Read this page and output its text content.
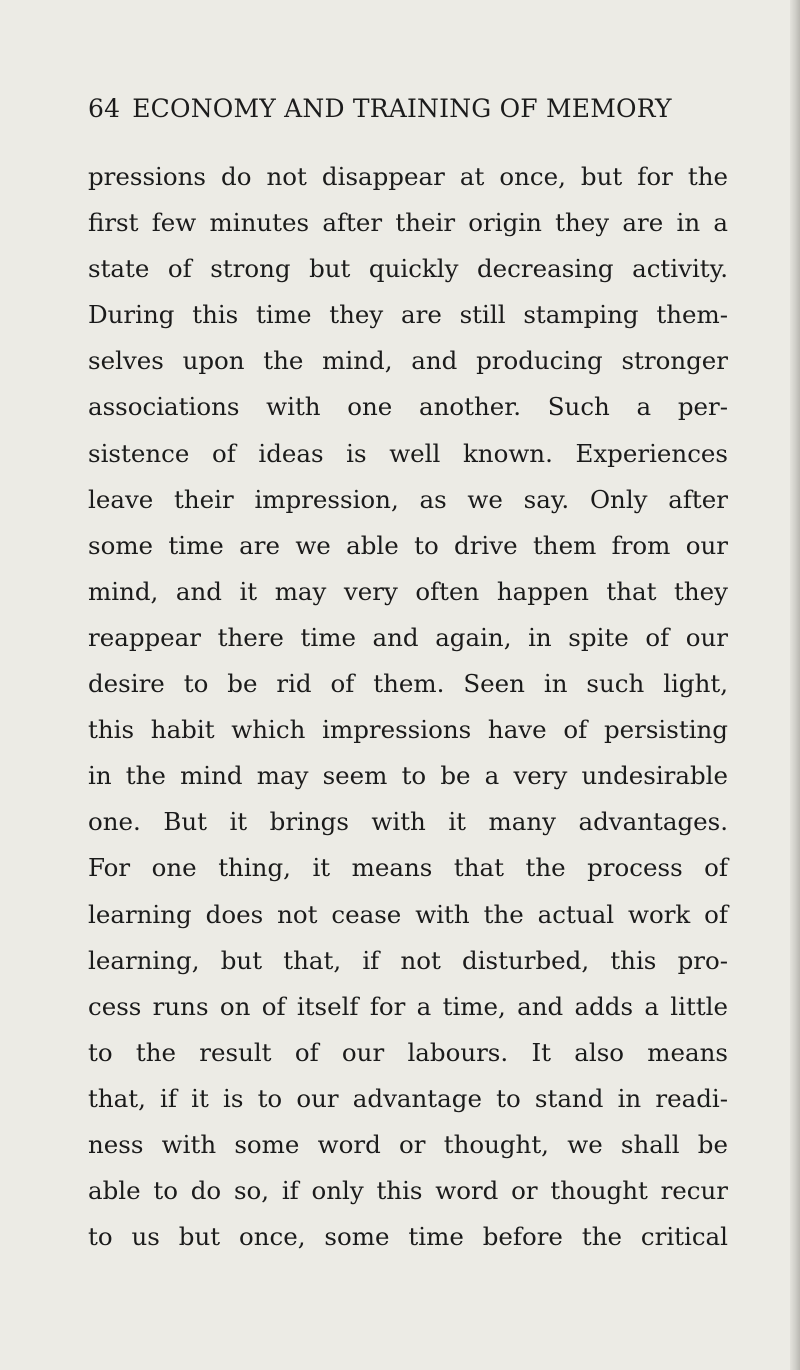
64 ECONOMY AND TRAINING OF MEMORY
pressions do not disappear at once, but for the
first few minutes after their origin they are in a
state of strong but quickly decreasing activity.
During this time they are still stamping them-
selves upon the mind, and producing stronger
associations with one another. Such a per-
sistence of ideas is well known. Experiences
leave their impression, as we say. Only after
some time are we able to drive them from our
mind, and it may very often happen that they
reappear there time and again, in spite of our
desire to be rid of them. Seen in such light,
this habit which impressions have of persisting
in the mind may seem to be a very undesirable
one. But it brings with it many advantages.
For one thing, it means that the process of
learning does not cease with the actual work of
learning, but that, if not disturbed, this pro-
cess runs on of itself for a time, and adds a little
to the result of our labours. It also means
that, if it is to our advantage to stand in readi-
ness with some word or thought, we shall be
able to do so, if only this word or thought recur
to us but once, some time before the critical
